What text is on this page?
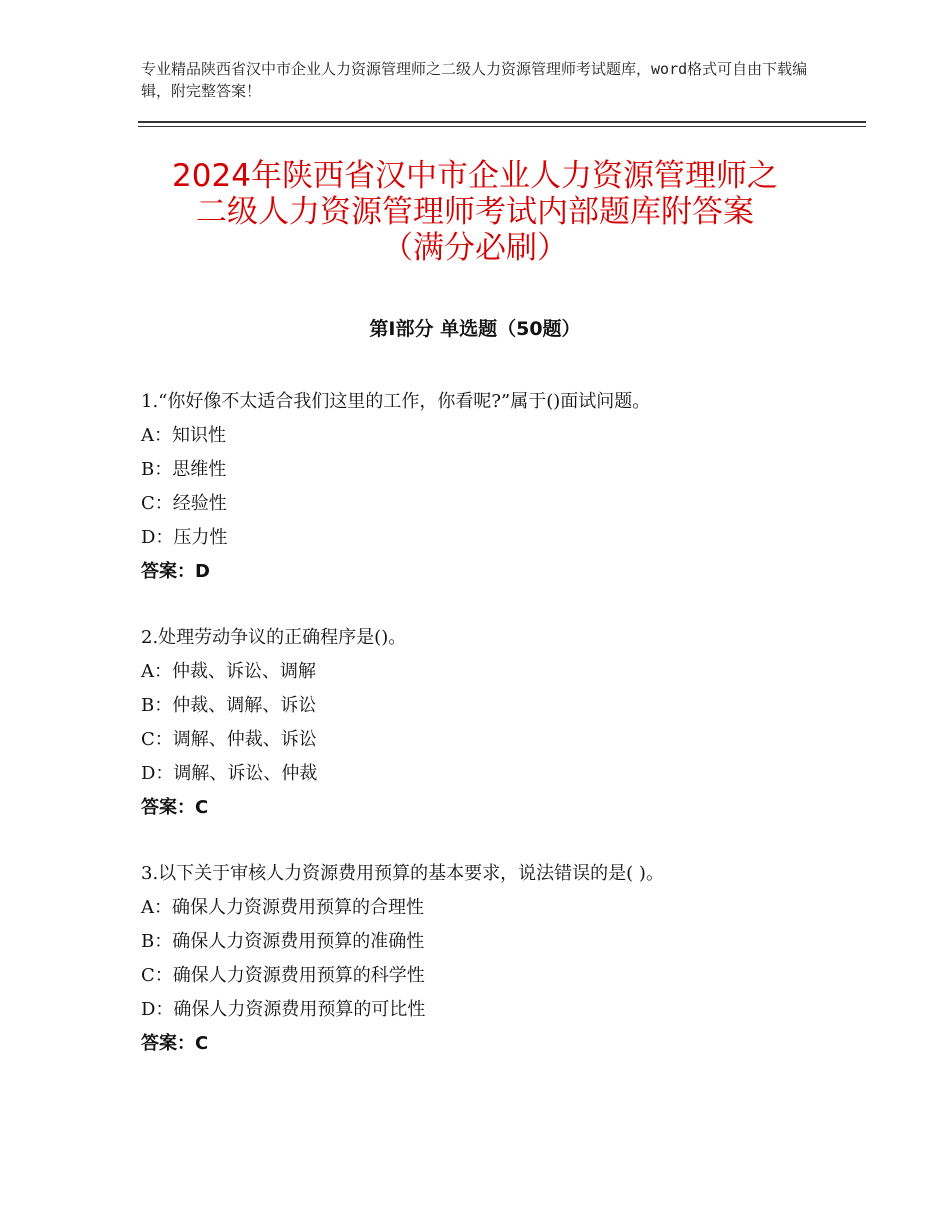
专业精品陕西省汉中市企业人力资源管理师之二级人力资源管理师考试题库，word格式可自由下载编辑，附完整答案！
2024年陕西省汉中市企业人力资源管理师之
二级人力资源管理师考试内部题库附答案
（满分必刷）
第Ⅰ部分 单选题（50题）
1.“你好像不太适合我们这里的工作，你看呢?”属于()面试问题。
A：知识性
B：思维性
C：经验性
D：压力性
答案：D
2.处理劳动争议的正确程序是()。
A：仲裁、诉讼、调解
B：仲裁、调解、诉讼
C：调解、仲裁、诉讼
D：调解、诉讼、仲裁
答案：C
3.以下关于审核人力资源费用预算的基本要求，说法错误的是( )。
A：确保人力资源费用预算的合理性
B：确保人力资源费用预算的准确性
C：确保人力资源费用预算的科学性
D：确保人力资源费用预算的可比性
答案：C
